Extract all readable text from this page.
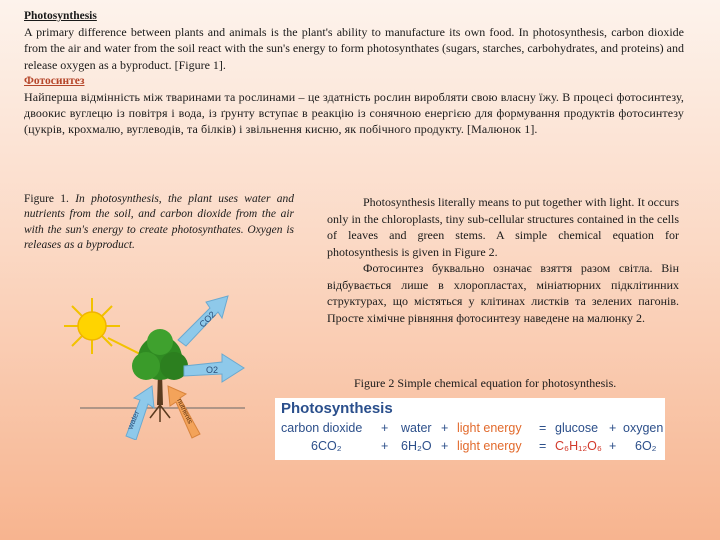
Photosynthesis

A primary difference between plants and animals is the plant's ability to manufacture its own food. In photosynthesis, carbon dioxide from the air and water from the soil react with the sun's energy to form photosynthates (sugars, starches, carbohydrates, and proteins) and release oxygen as a byproduct. [Figure 1].

Фотосинтез

Найперша відмінність між тваринами та рослинами – це здатність рослин виробляти свою власну їжу. В процесі фотосинтезу, двоокис вуглецю із повітря і вода, із ґрунту вступає в реакцію із сонячною енергією для формування продуктів фотосинтезу (цукрів, крохмалю, вуглеводів, та білків) і звільнення кисню, як побічного продукту. [Малюнок 1].

Figure 1. In photosynthesis, the plant uses water and nutrients from the soil, and carbon dioxide from the air with the sun's energy to create photosynthates. Oxygen is releases as a byproduct.
CO2
O2
water	nutrients

Photosynthesis literally means to put together with light. It occurs only in the chloroplasts, tiny sub-cellular structures contained in the cells of leaves and green stems. A simple chemical equation for photosynthesis is given in Figure 2.

Фотосинтез буквально означає взяття разом світла. Він відбувається лише в хлоропластах, мініатюрних підклітинних структурах, що містяться у клітинах листків та зелених пагонів. Просте хімічне рівняння фотосинтезу наведене на малюнку 2.

Figure 2 Simple chemical equation for photosynthesis.
Photosynthesis
carbon dioxide + water + light energy = glucose + oxygen
6CO₂	+ 6H₂O + light energy = C₆H₁₂O₆ + 6O₂
